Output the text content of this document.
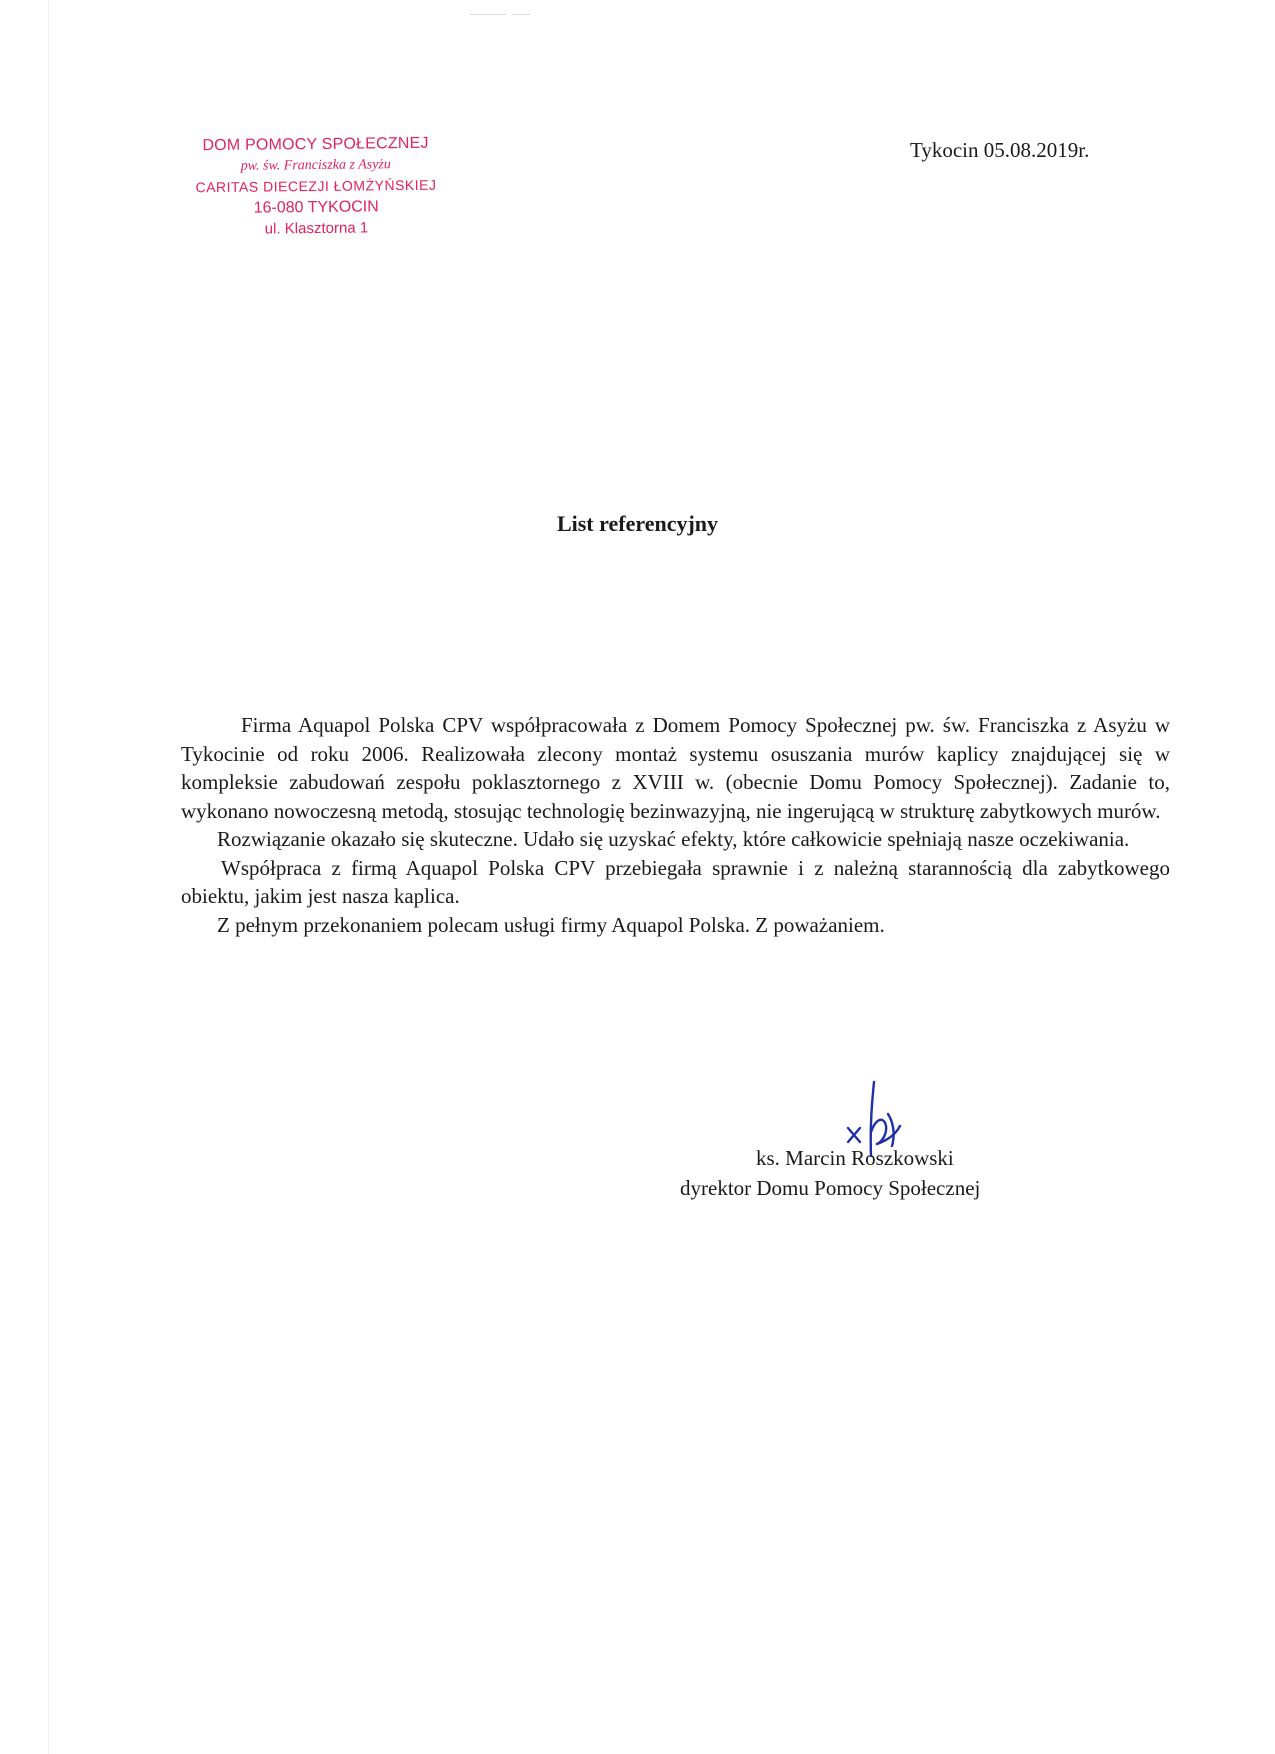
DOM POMOCY SPOŁECZNEJ
pw. św. Franciszka z Asyżu
CARITAS DIECEZJI ŁOMŻYŃSKIEJ
16-080 TYKOCIN
ul. Klasztorna 1
Tykocin 05.08.2019r.
List referencyjny

Firma Aquapol Polska CPV współpracowała z Domem Pomocy Społecznej pw. św. Franciszka z Asyżu w Tykocinie od roku 2006. Realizowała zlecony montaż systemu osuszania murów kaplicy znajdującej się w kompleksie zabudowań zespołu poklasztornego z XVIII w. (obecnie Domu Pomocy Społecznej). Zadanie to, wykonano nowoczesną metodą, stosując technologię bezinwazyjną, nie ingerującą w strukturę zabytkowych murów.

Rozwiązanie okazało się skuteczne. Udało się uzyskać efekty, które całkowicie spełniają nasze oczekiwania.

Współpraca z firmą Aquapol Polska CPV przebiegała sprawnie i z należną starannością dla zabytkowego obiektu, jakim jest nasza kaplica.

Z pełnym przekonaniem polecam usługi firmy Aquapol Polska. Z poważaniem.

ks. Marcin Roszkowski
dyrektor Domu Pomocy Społecznej
